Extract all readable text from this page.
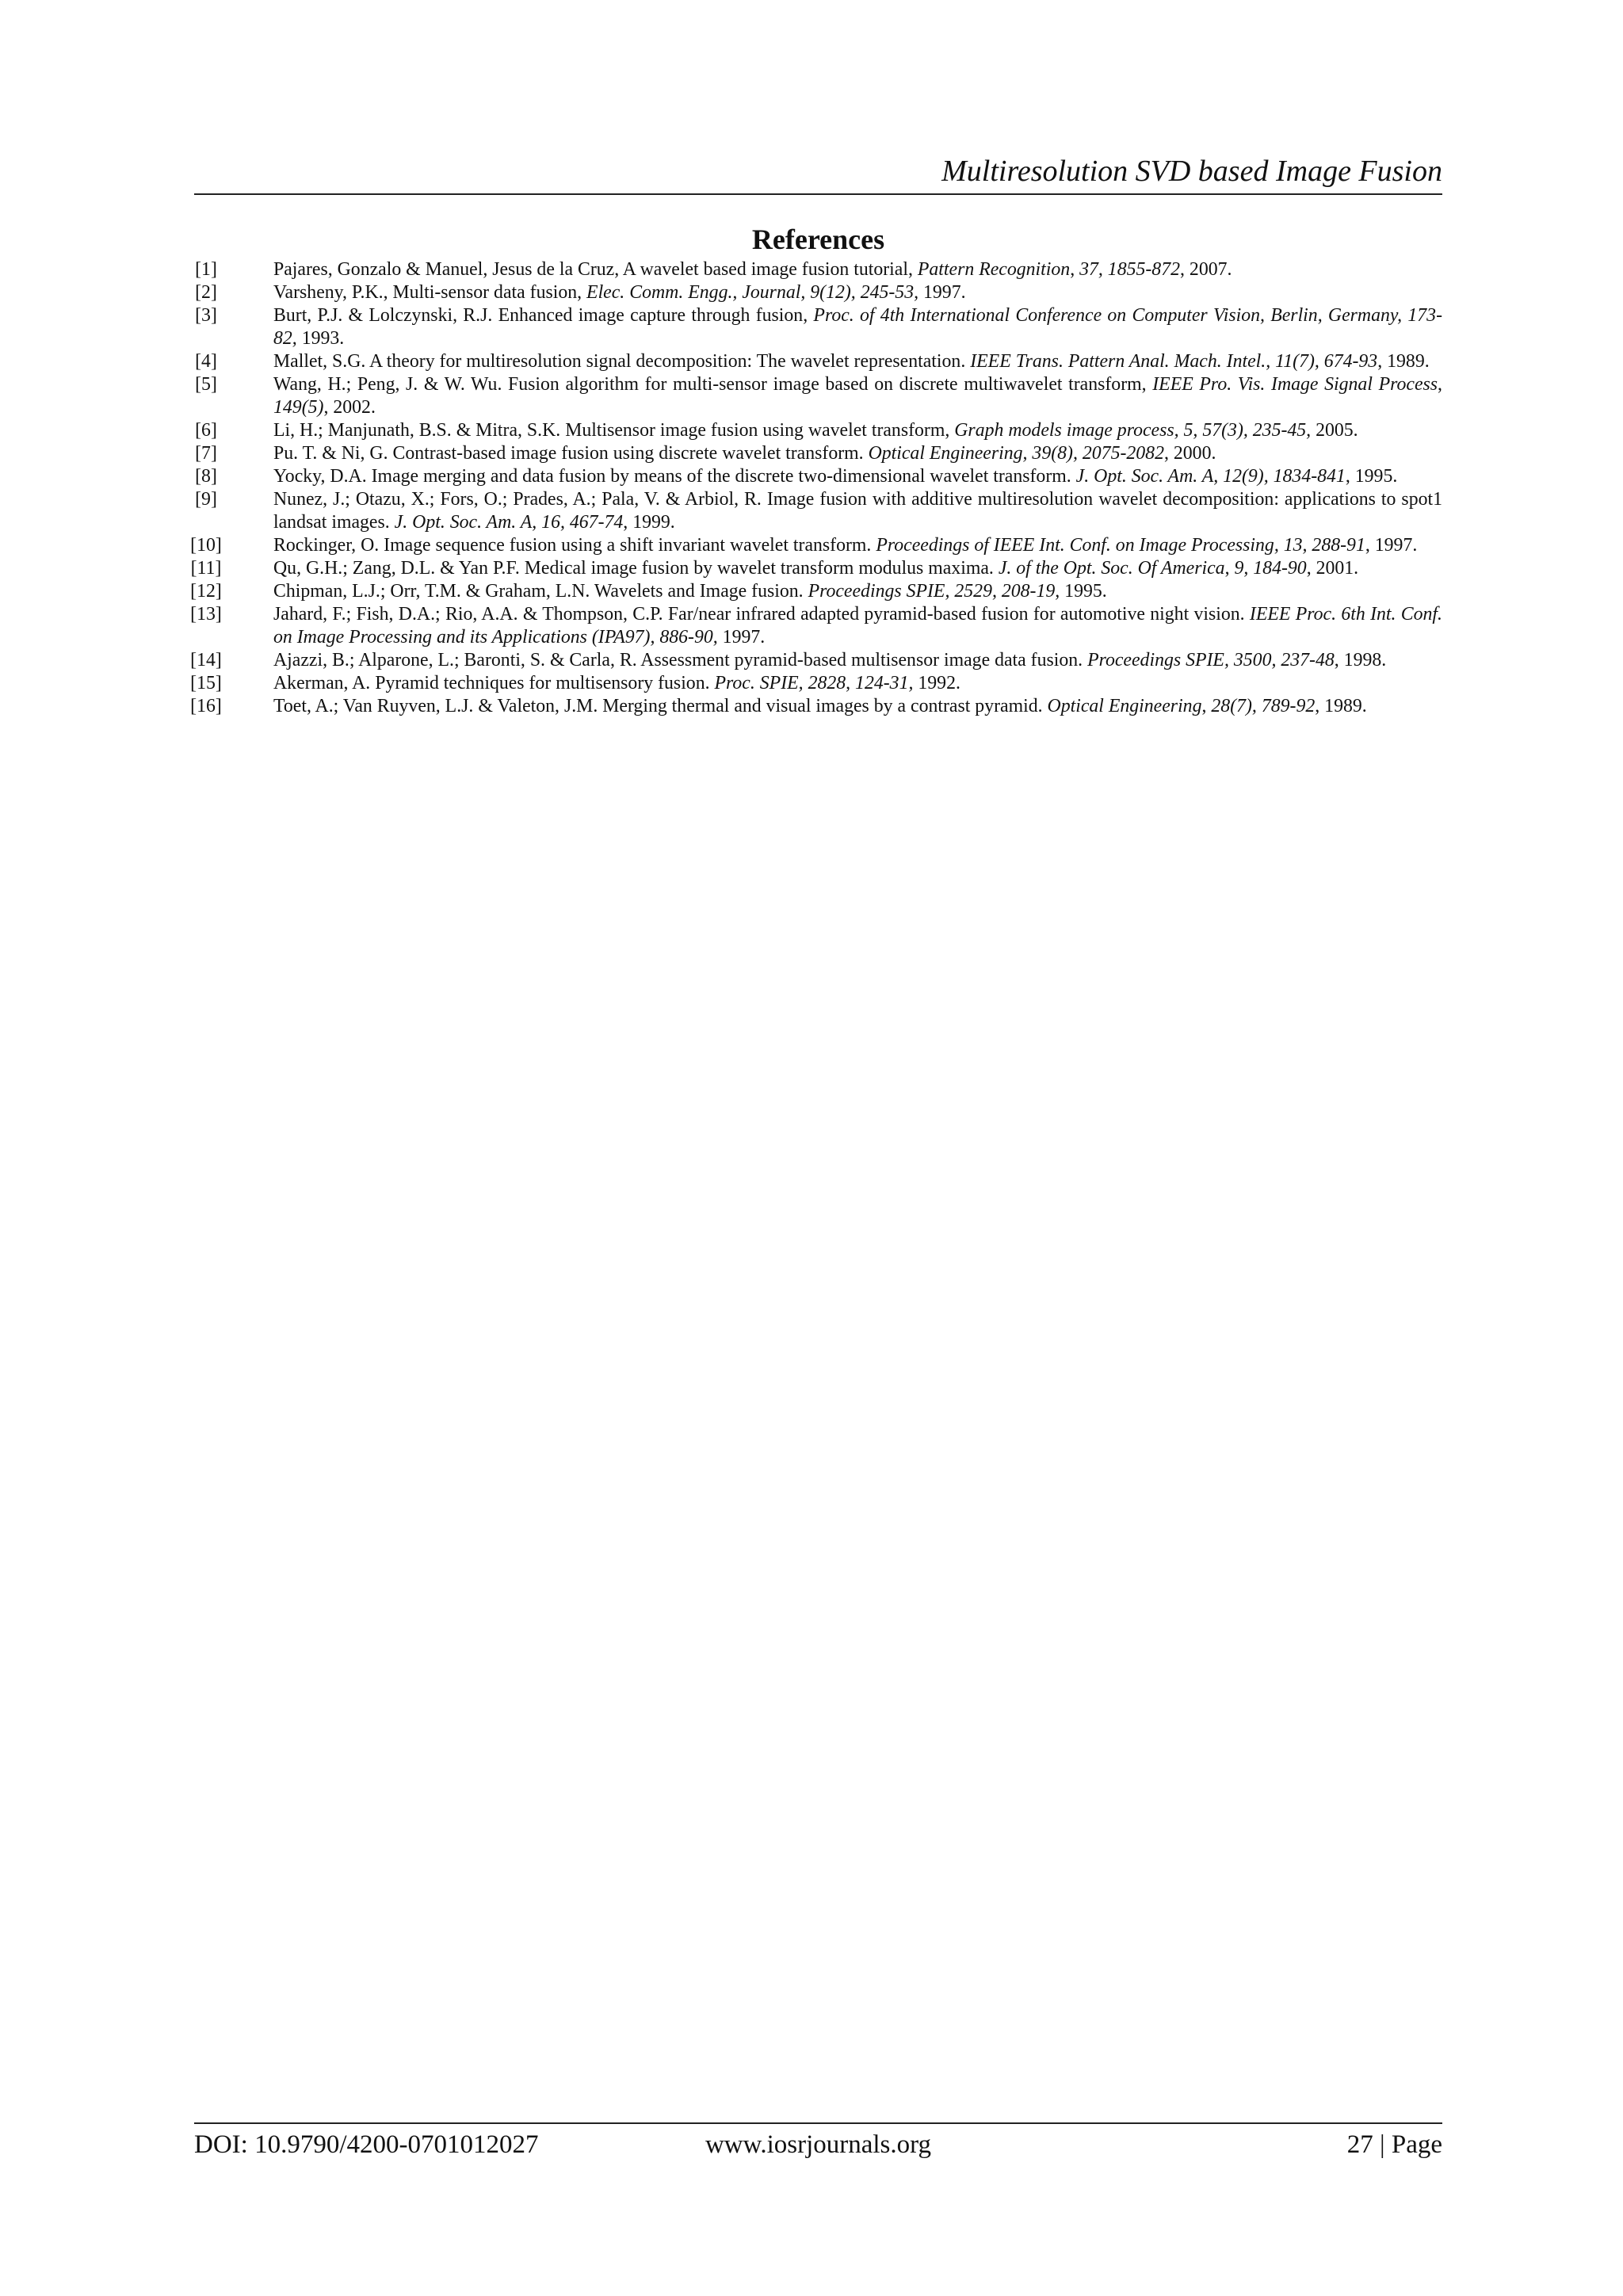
Multiresolution SVD based Image Fusion
References
[1]	Pajares, Gonzalo & Manuel, Jesus de la Cruz, A wavelet based image fusion tutorial, Pattern Recognition, 37, 1855-872, 2007.
[2]	Varsheny, P.K., Multi-sensor data fusion, Elec. Comm. Engg., Journal, 9(12), 245-53, 1997.
[3]	Burt, P.J. & Lolczynski, R.J. Enhanced image capture through fusion, Proc. of 4th International Conference on Computer Vision, Berlin, Germany, 173-82, 1993.
[4]	Mallet, S.G. A theory for multiresolution signal decomposition: The wavelet representation. IEEE Trans. Pattern Anal. Mach. Intel., 11(7), 674-93, 1989.
[5]	Wang, H.; Peng, J. & W. Wu. Fusion algorithm for multi-sensor image based on discrete multiwavelet transform, IEEE Pro. Vis. Image Signal Process, 149(5), 2002.
[6]	Li, H.; Manjunath, B.S. & Mitra, S.K. Multisensor image fusion using wavelet transform, Graph models image process, 5, 57(3), 235-45, 2005.
[7]	Pu. T. & Ni, G. Contrast-based image fusion using discrete wavelet transform. Optical Engineering, 39(8), 2075-2082, 2000.
[8]	Yocky, D.A. Image merging and data fusion by means of the discrete two-dimensional wavelet transform. J. Opt. Soc. Am. A, 12(9), 1834-841, 1995.
[9]	Nunez, J.; Otazu, X.; Fors, O.; Prades, A.; Pala, V. & Arbiol, R. Image fusion with additive multiresolution wavelet decomposition: applications to spot1 landsat images. J. Opt. Soc. Am. A, 16, 467-74, 1999.
[10]	Rockinger, O. Image sequence fusion using a shift invariant wavelet transform. Proceedings of IEEE Int. Conf. on Image Processing, 13, 288-91, 1997.
[11]	Qu, G.H.; Zang, D.L. & Yan P.F. Medical image fusion by wavelet transform modulus maxima. J. of the Opt. Soc. Of America, 9, 184-90, 2001.
[12]	Chipman, L.J.; Orr, T.M. & Graham, L.N. Wavelets and Image fusion. Proceedings SPIE, 2529, 208-19, 1995.
[13]	Jahard, F.; Fish, D.A.; Rio, A.A. & Thompson, C.P. Far/near infrared adapted pyramid-based fusion for automotive night vision. IEEE Proc. 6th Int. Conf. on Image Processing and its Applications (IPA97), 886-90, 1997.
[14]	Ajazzi, B.; Alparone, L.; Baronti, S. & Carla, R. Assessment pyramid-based multisensor image data fusion. Proceedings SPIE, 3500, 237-48, 1998.
[15]	Akerman, A. Pyramid techniques for multisensory fusion. Proc. SPIE, 2828, 124-31, 1992.
[16]	Toet, A.; Van Ruyven, L.J. & Valeton, J.M. Merging thermal and visual images by a contrast pyramid. Optical Engineering, 28(7), 789-92, 1989.
DOI: 10.9790/4200-0701012027	www.iosrjournals.org	27 | Page
